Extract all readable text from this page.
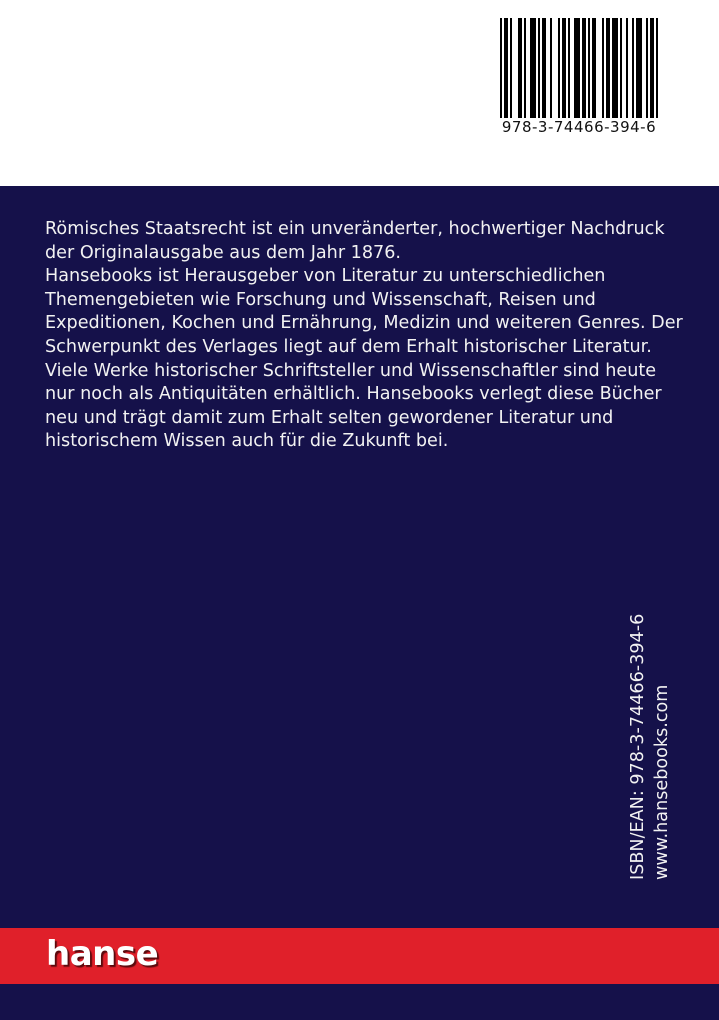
978-3-74466-394-6

Römisches Staatsrecht ist ein unveränderter, hochwertiger Nachdruck der Originalausgabe aus dem Jahr 1876.

Hansebooks ist Herausgeber von Literatur zu unterschiedlichen Themengebieten wie Forschung und Wissenschaft, Reisen und Expeditionen, Kochen und Ernährung, Medizin und weiteren Genres. Der Schwerpunkt des Verlages liegt auf dem Erhalt historischer Literatur. Viele Werke historischer Schriftsteller und Wissenschaftler sind heute nur noch als Antiquitäten erhältlich. Hansebooks verlegt diese Bücher neu und trägt damit zum Erhalt selten gewordener Literatur und historischem Wissen auch für die Zukunft bei.

ISBN/EAN: 978-3-74466-394-6 www.hansebooks.com
hanse
